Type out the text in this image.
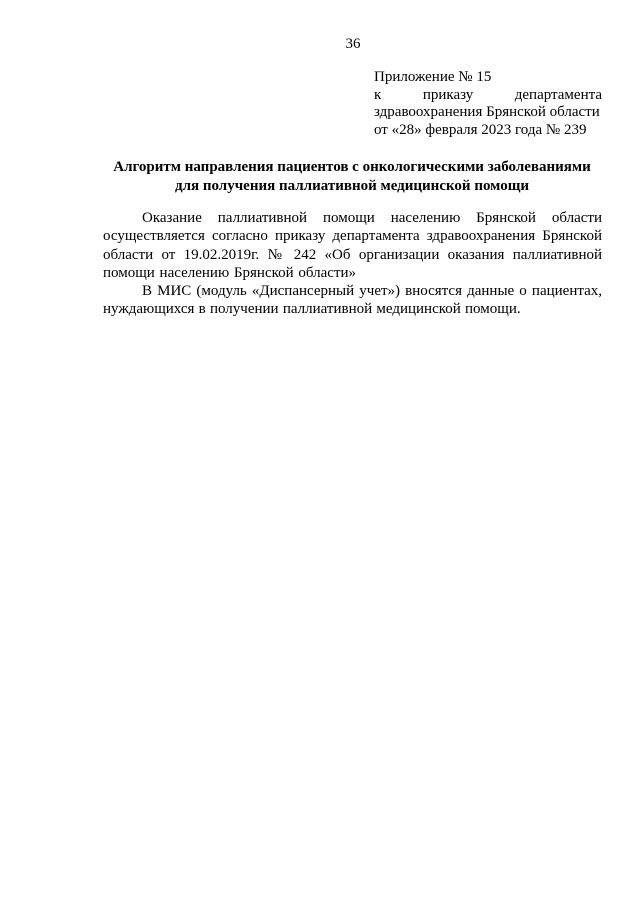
36
Приложение № 15
к	приказу	департамента
здравоохранения Брянской области
от «28» февраля 2023 года № 239
Алгоритм направления пациентов с онкологическими заболеваниями
для получения паллиативной медицинской помощи

Оказание паллиативной помощи населению Брянской области осуществляется согласно приказу департамента здравоохранения Брянской области от 19.02.2019г. № 242 «Об организации оказания паллиативной помощи населению Брянской области»

В МИС (модуль «Диспансерный учет») вносятся данные о пациентах, нуждающихся в получении паллиативной медицинской помощи.
